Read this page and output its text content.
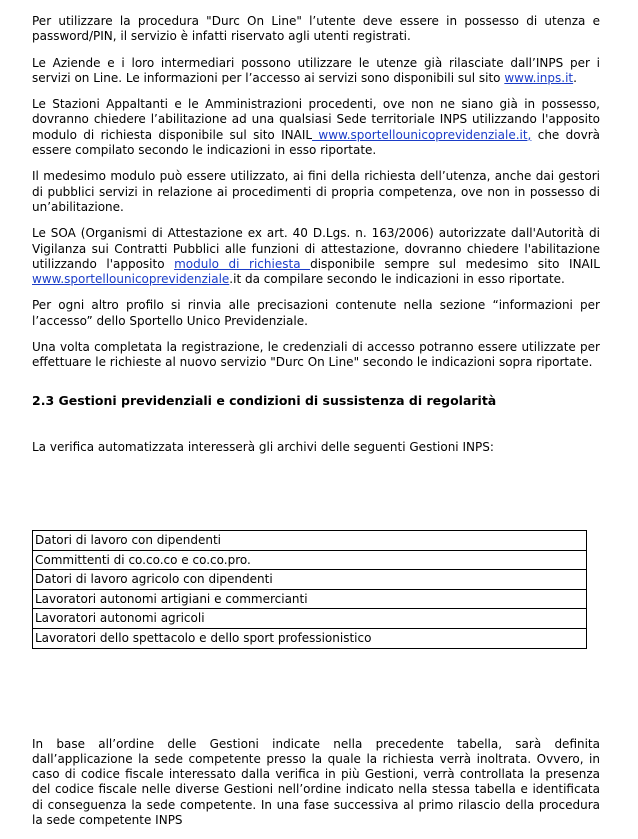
Per utilizzare la procedura "Durc On Line" l’utente deve essere in possesso di utenza e password/PIN, il servizio è infatti riservato agli utenti registrati.

Le Aziende e i loro intermediari possono utilizzare le utenze già rilasciate dall’INPS per i servizi on Line. Le informazioni per l’accesso ai servizi sono disponibili sul sito www.inps.it.

Le Stazioni Appaltanti e le Amministrazioni procedenti, ove non ne siano già in possesso, dovranno chiedere l’abilitazione ad una qualsiasi Sede territoriale INPS utilizzando l'apposito modulo di richiesta disponibile sul sito INAIL www.sportellounicoprevidenziale.it, che dovrà essere compilato secondo le indicazioni in esso riportate.

Il medesimo modulo può essere utilizzato, ai fini della richiesta dell’utenza, anche dai gestori di pubblici servizi in relazione ai procedimenti di propria competenza, ove non in possesso di un’abilitazione.

Le SOA (Organismi di Attestazione ex art. 40 D.Lgs. n. 163/2006) autorizzate dall'Autorità di Vigilanza sui Contratti Pubblici alle funzioni di attestazione, dovranno chiedere l'abilitazione utilizzando l'apposito modulo di richiesta disponibile sempre sul medesimo sito INAIL www.sportellounicoprevidenziale.it da compilare secondo le indicazioni in esso riportate.

Per ogni altro profilo si rinvia alle precisazioni contenute nella sezione “informazioni per l’accesso” dello Sportello Unico Previdenziale.

Una volta completata la registrazione, le credenziali di accesso potranno essere utilizzate per effettuare le richieste al nuovo servizio "Durc On Line" secondo le indicazioni sopra riportate.

2.3 Gestioni previdenziali e condizioni di sussistenza di regolarità

La verifica automatizzata interesserà gli archivi delle seguenti Gestioni INPS:

Datori di lavoro con dipendenti
Committenti di co.co.co e co.co.pro.
Datori di lavoro agricolo con dipendenti
Lavoratori autonomi artigiani e commercianti
Lavoratori autonomi agricoli
Lavoratori dello spettacolo e dello sport professionistico

In base all’ordine delle Gestioni indicate nella precedente tabella, sarà definita dall’applicazione la sede competente presso la quale la richiesta verrà inoltrata. Ovvero, in caso di codice fiscale interessato dalla verifica in più Gestioni, verrà controllata la presenza del codice fiscale nelle diverse Gestioni nell’ordine indicato nella stessa tabella e identificata di conseguenza la sede competente. In una fase successiva al primo rilascio della procedura la sede competente INPS
